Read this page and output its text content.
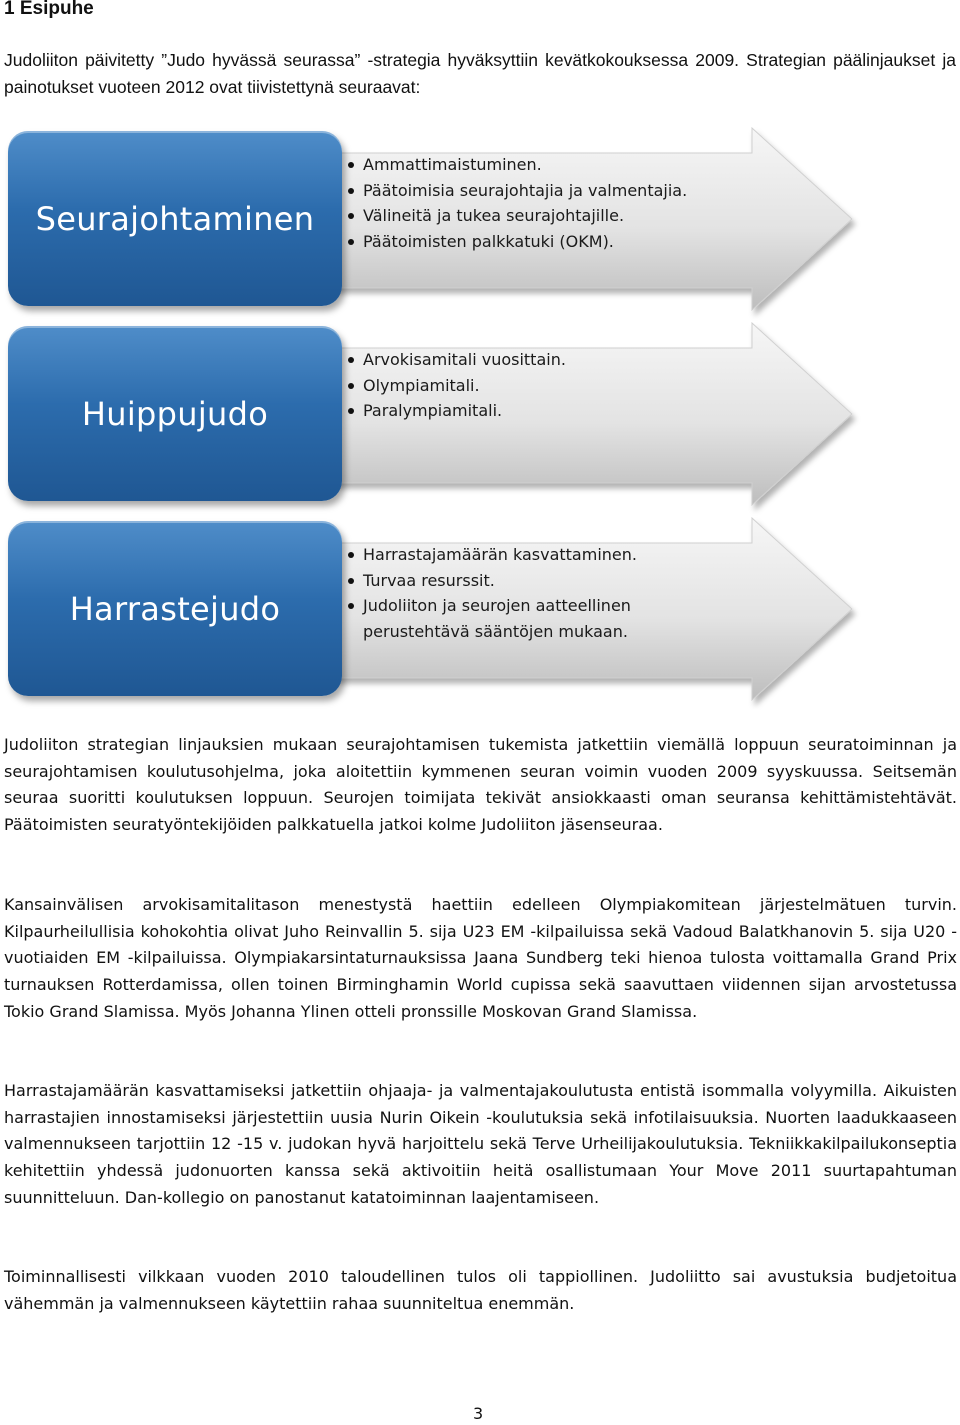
1 Esipuhe

Judoliiton päivitetty ”Judo hyvässä seurassa” -strategia hyväksyttiin kevätkokouksessa 2009. Strategian päälinjaukset ja painotukset vuoteen 2012 ovat tiivistettynä seuraavat:

Seurajohtaminen
Ammattimaistuminen.
Päätoimisia seurajohtajia ja valmentajia.
Välineitä ja tukea seurajohtajille.
Päätoimisten palkkatuki (OKM).
Huippujudo
Arvokisamitali vuosittain.
Olympiamitali.
Paralympiamitali.
Harrastejudo
Harrastajamäärän kasvattaminen.
Turvaa resurssit.
Judoliiton ja seurojen aatteellinen perustehtävä sääntöjen mukaan.

Judoliiton strategian linjauksien mukaan seurajohtamisen tukemista jatkettiin viemällä loppuun seuratoiminnan ja seurajohtamisen koulutusohjelma, joka aloitettiin kymmenen seuran voimin vuoden 2009 syyskuussa. Seitsemän seuraa suoritti koulutuksen loppuun. Seurojen toimijata tekivät ansiokkaasti oman seuransa kehittämistehtävät. Päätoimisten seuratyöntekijöiden palkkatuella jatkoi kolme Judoliiton jäsenseuraa.

Kansainvälisen arvokisamitalitason menestystä haettiin edelleen Olympiakomitean järjestelmätuen turvin. Kilpaurheilullisia kohokohtia olivat Juho Reinvallin 5. sija U23 EM -kilpailuissa sekä Vadoud Balatkhanovin 5. sija U20 -vuotiaiden EM -kilpailuissa. Olympiakarsintaturnauksissa Jaana Sundberg teki hienoa tulosta voittamalla Grand Prix turnauksen Rotterdamissa, ollen toinen Birminghamin World cupissa sekä saavuttaen viidennen sijan arvostetussa Tokio Grand Slamissa. Myös Johanna Ylinen otteli pronssille Moskovan Grand Slamissa.

Harrastajamäärän kasvattamiseksi jatkettiin ohjaaja- ja valmentajakoulutusta entistä isommalla volyymilla. Aikuisten harrastajien innostamiseksi järjestettiin uusia Nurin Oikein -koulutuksia sekä infotilaisuuksia. Nuorten laadukkaaseen valmennukseen tarjottiin 12 -15 v. judokan hyvä harjoittelu sekä Terve Urheilijakoulutuksia. Tekniikkakilpailukonseptia kehitettiin yhdessä judonuorten kanssa sekä aktivoitiin heitä osallistumaan Your Move 2011 suurtapahtuman suunnitteluun. Dan-kollegio on panostanut katatoiminnan laajentamiseen.

Toiminnallisesti vilkkaan vuoden 2010 taloudellinen tulos oli tappiollinen. Judoliitto sai avustuksia budjetoitua vähemmän ja valmennukseen käytettiin rahaa suunniteltua enemmän.

3
